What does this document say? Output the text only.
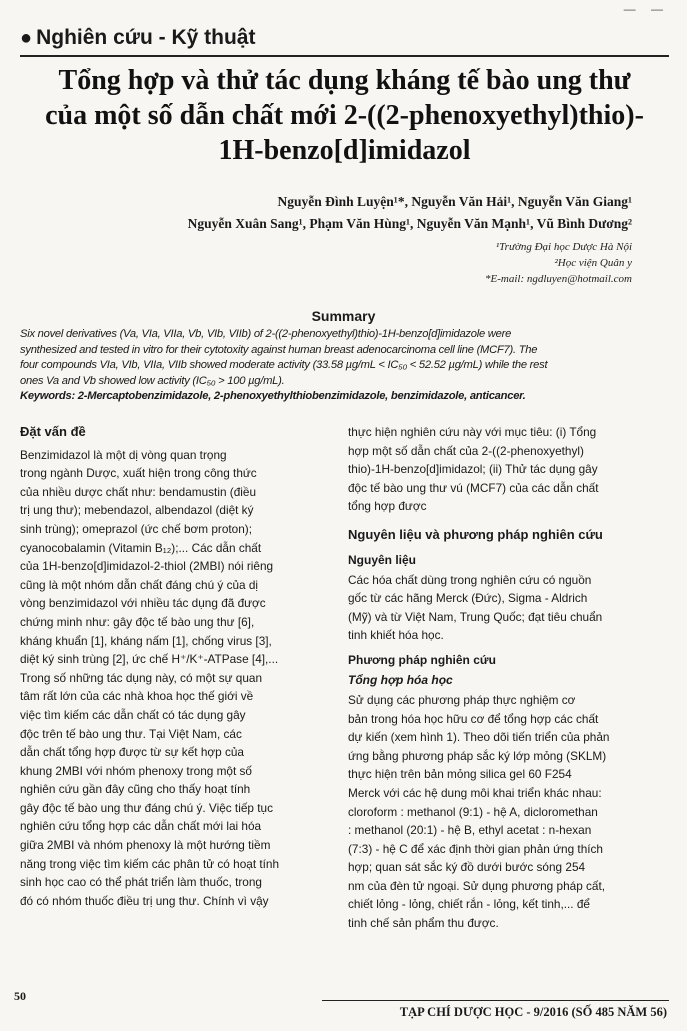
— —
● Nghiên cứu - Kỹ thuật
Tổng hợp và thử tác dụng kháng tế bào ung thư
của một số dẫn chất mới 2-((2-phenoxyethyl)thio)-
1H-benzo[d]imidazol
Nguyễn Đình Luyện¹*, Nguyễn Văn Hải¹, Nguyễn Văn Giang¹
Nguyễn Xuân Sang¹, Phạm Văn Hùng¹, Nguyễn Văn Mạnh¹, Vũ Bình Dương²
¹Trường Đại học Dược Hà Nội
²Học viện Quân y
*E-mail: ngdluyen@hotmail.com
Summary
Six novel derivatives (Va, VIa, VIIa, Vb, VIb, VIIb) of 2-((2-phenoxyethyl)thio)-1H-benzo[d]imidazole were
synthesized and tested in vitro for their cytotoxity against human breast adenocarcinoma cell line (MCF7). The
four compounds VIa, VIb, VIIa, VIIb showed moderate activity (33.58 µg/mL < IC₅₀ < 52.52 µg/mL) while the rest
ones Va and Vb showed low activity (IC₅₀ > 100 µg/mL).
Keywords: 2-Mercaptobenzimidazole, 2-phenoxyethylthiobenzimidazole, benzimidazole, anticancer.
Đặt vấn đề
Benzimidazol là một dị vòng quan trọng
trong ngành Dược, xuất hiện trong công thức
của nhiều dược chất như: bendamustin (điều
trị ung thư); mebendazol, albendazol (diệt ký
sinh trùng); omeprazol (ức chế bơm proton);
cyanocobalamin (Vitamin B₁₂);... Các dẫn chất
của 1H-benzo[d]imidazol-2-thiol (2MBI) nói riêng
cũng là một nhóm dẫn chất đáng chú ý của dị
vòng benzimidazol với nhiều tác dụng đã được
chứng minh như: gây độc tế bào ung thư [6],
kháng khuẩn [1], kháng nấm [1], chống virus [3],
diệt ký sinh trùng [2], ức chế H⁺/K⁺-ATPase [4],...
Trong số những tác dụng này, có một sự quan
tâm rất lớn của các nhà khoa học thế giới về
việc tìm kiếm các dẫn chất có tác dụng gây
độc trên tế bào ung thư. Tại Việt Nam, các
dẫn chất tổng hợp được từ sự kết hợp của
khung 2MBI với nhóm phenoxy trong một số
nghiên cứu gần đây cũng cho thấy hoạt tính
gây độc tế bào ung thư đáng chú ý. Việc tiếp tục
nghiên cứu tổng hợp các dẫn chất mới lai hóa
giữa 2MBI và nhóm phenoxy là một hướng tiềm
năng trong việc tìm kiếm các phân tử có hoạt tính
sinh học cao có thể phát triển làm thuốc, trong
đó có nhóm thuốc điều trị ung thư. Chính vì vậy
thực hiện nghiên cứu này với mục tiêu: (i) Tổng
hợp một số dẫn chất của 2-((2-phenoxyethyl)
thio)-1H-benzo[d]imidazol; (ii) Thử tác dụng gây
độc tế bào ung thư vú (MCF7) của các dẫn chất
tổng hợp được
Nguyên liệu và phương pháp nghiên cứu
Nguyên liệu
Các hóa chất dùng trong nghiên cứu có nguồn
gốc từ các hãng Merck (Đức), Sigma - Aldrich
(Mỹ) và từ Việt Nam, Trung Quốc; đạt tiêu chuẩn
tinh khiết hóa học.
Phương pháp nghiên cứu
Tổng hợp hóa học
Sử dụng các phương pháp thực nghiệm cơ
bản trong hóa học hữu cơ để tổng hợp các chất
dự kiến (xem hình 1). Theo dõi tiến triển của phản
ứng bằng phương pháp sắc ký lớp mỏng (SKLM)
thực hiện trên bản mỏng silica gel 60 F254
Merck với các hệ dung môi khai triển khác nhau:
cloroform : methanol (9:1) - hệ A, dicloromethan
: methanol (20:1) - hệ B, ethyl acetat : n-hexan
(7:3) - hệ C để xác định thời gian phản ứng thích
hợp; quan sát sắc ký đồ dưới bước sóng 254
nm của đèn tử ngoại. Sử dụng phương pháp cất,
chiết lỏng - lỏng, chiết rắn - lỏng, kết tinh,... để
tinh chế sản phẩm thu được.
50
TẠP CHÍ DƯỢC HỌC - 9/2016 (SỐ 485 NĂM 56)
